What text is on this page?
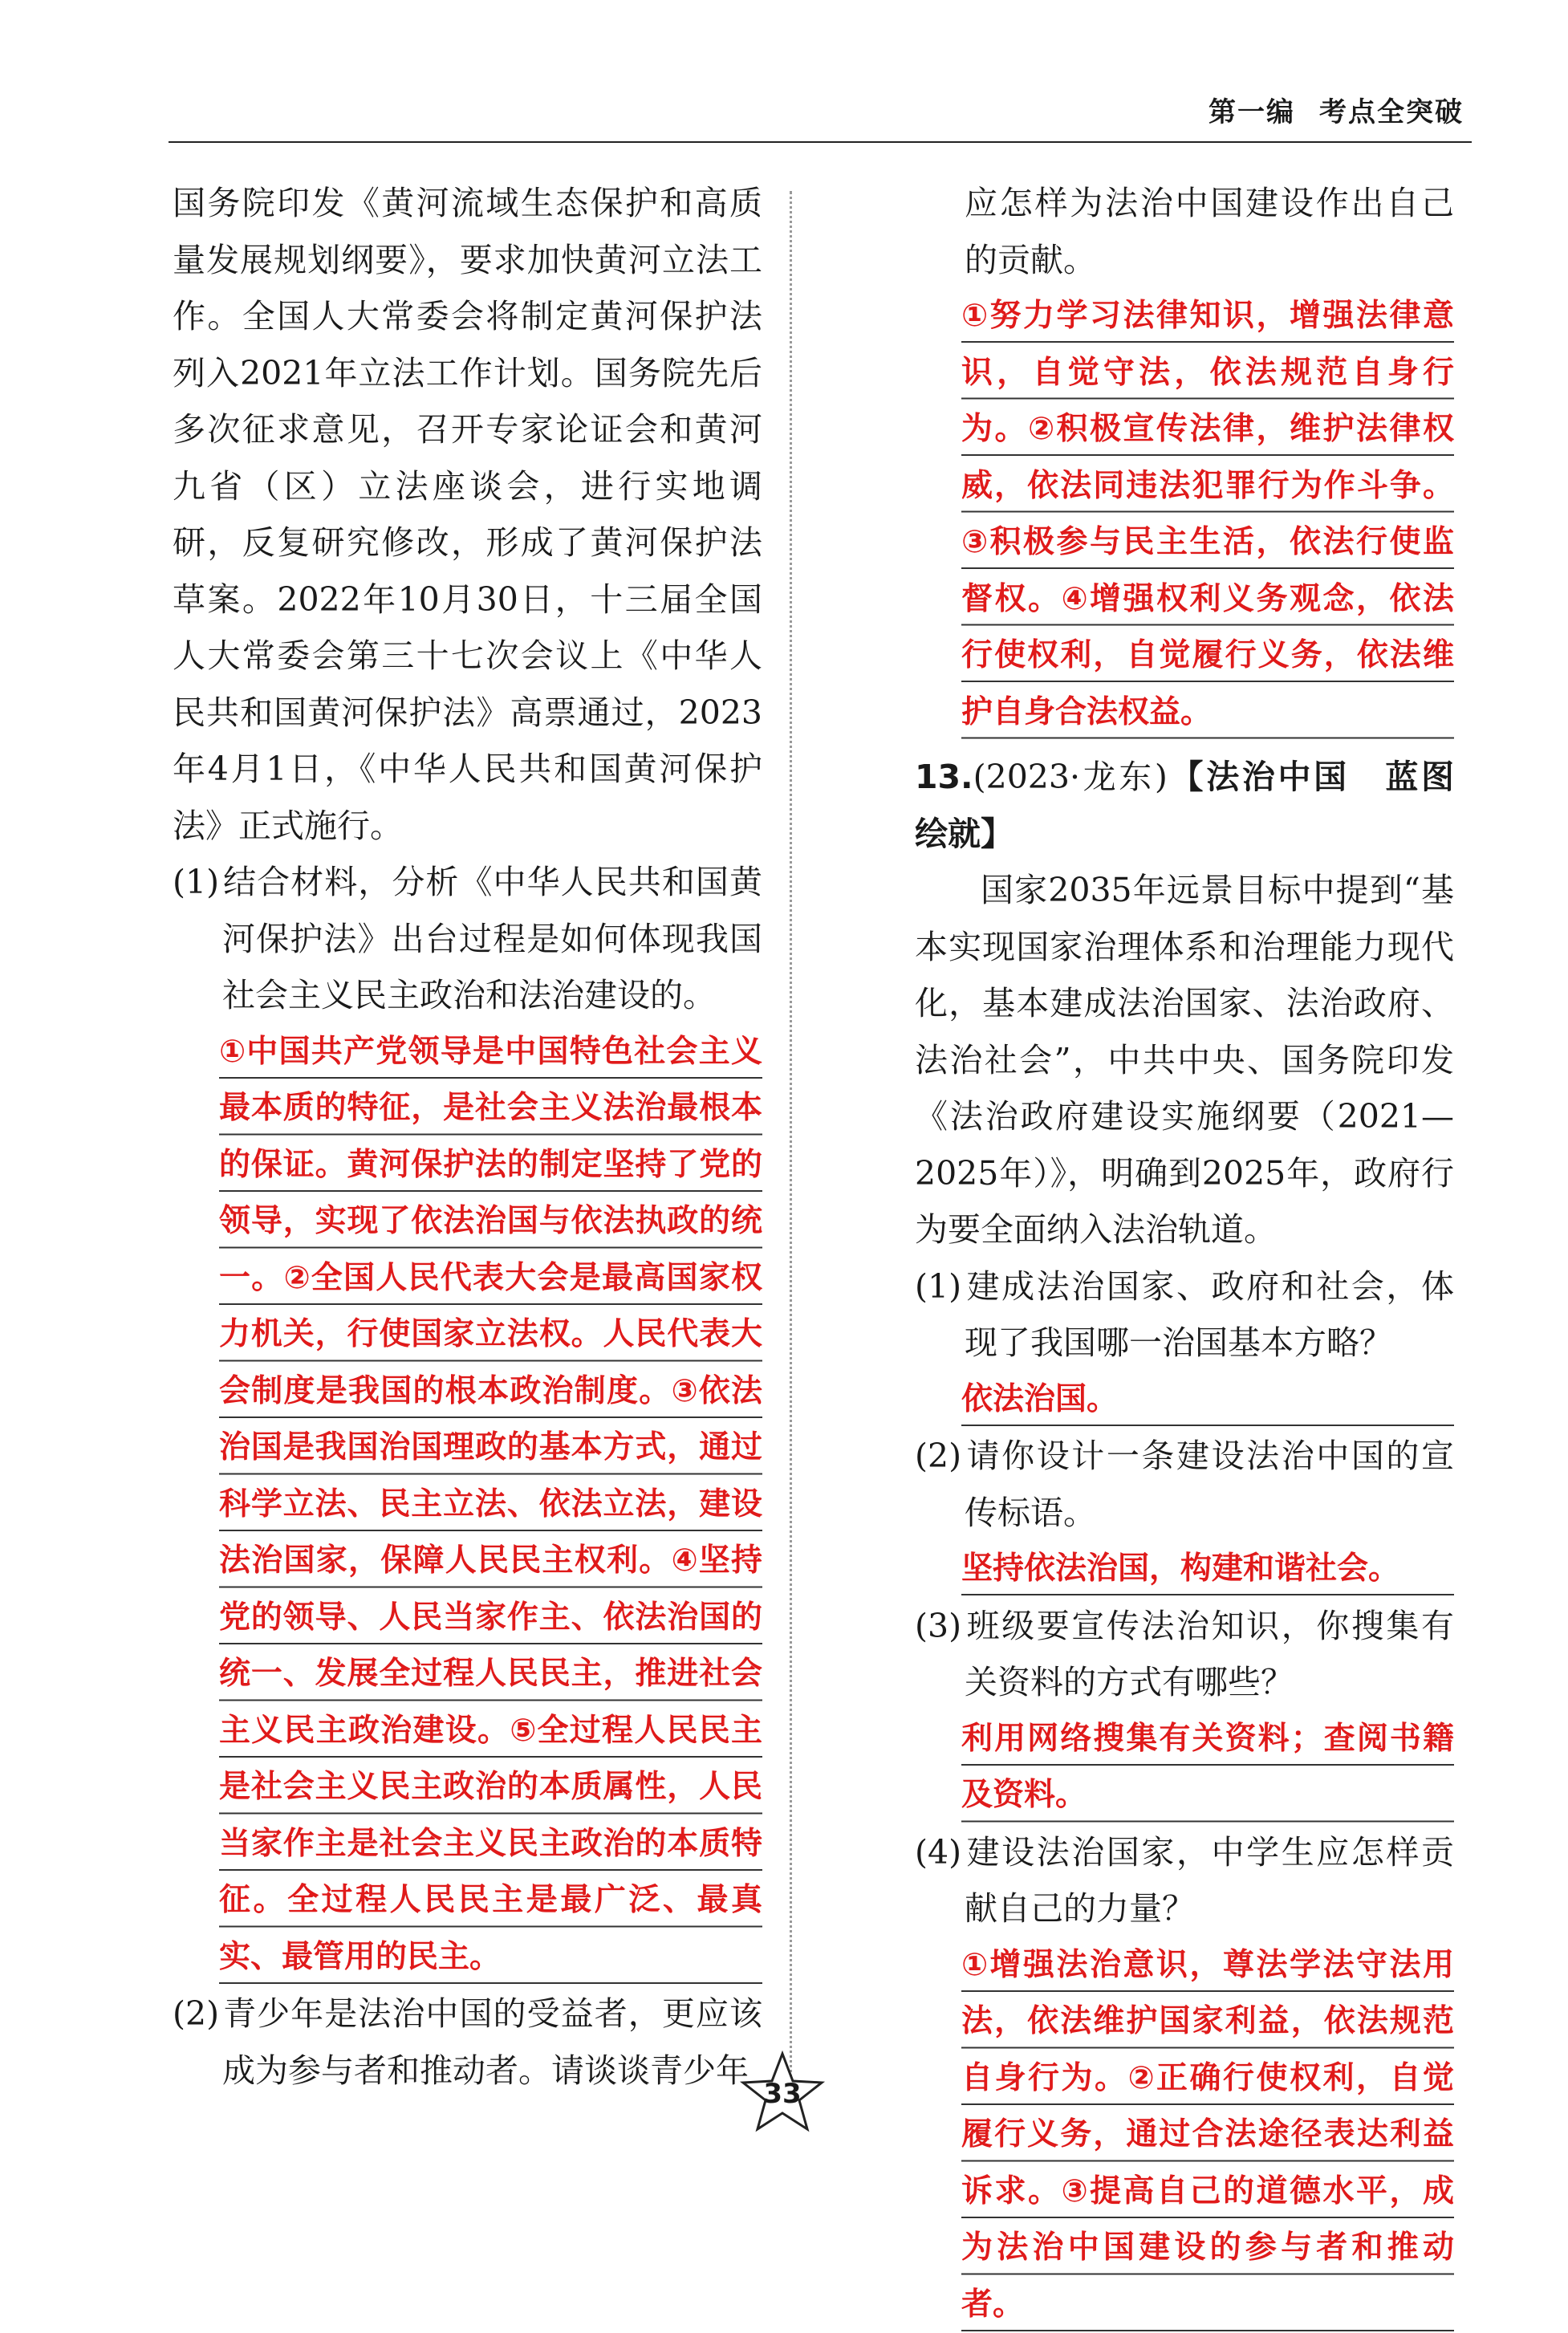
第一编 考点全突破

国务院印发《黄河流域生态保护和高质量发展规划纲要》，要求加快黄河立法工作。全国人大常委会将制定黄河保护法列入2021年立法工作计划。国务院先后多次征求意见，召开专家论证会和黄河九省（区）立法座谈会，进行实地调研，反复研究修改，形成了黄河保护法草案。2022年10月30日，十三届全国人大常委会第三十七次会议上《中华人民共和国黄河保护法》高票通过，2023年4月1日，《中华人民共和国黄河保护法》正式施行。

(1)结合材料，分析《中华人民共和国黄河保护法》出台过程是如何体现我国社会主义民主政治和法治建设的。

①中国共产党领导是中国特色社会主义最本质的特征，是社会主义法治最根本的保证。黄河保护法的制定坚持了党的领导，实现了依法治国与依法执政的统一。②全国人民代表大会是最高国家权力机关，行使国家立法权。人民代表大会制度是我国的根本政治制度。③依法治国是我国治国理政的基本方式，通过科学立法、民主立法、依法立法，建设法治国家，保障人民民主权利。④坚持党的领导、人民当家作主、依法治国的统一、发展全过程人民民主，推进社会主义民主政治建设。⑤全过程人民民主是社会主义民主政治的本质属性，人民当家作主是社会主义民主政治的本质特征。全过程人民民主是最广泛、最真实、最管用的民主。

(2)青少年是法治中国的受益者，更应该成为参与者和推动者。请谈谈青少年

应怎样为法治中国建设作出自己的贡献。

①努力学习法律知识，增强法律意识，自觉守法，依法规范自身行为。②积极宣传法律，维护法律权威，依法同违法犯罪行为作斗争。③积极参与民主生活，依法行使监督权。④增强权利义务观念，依法行使权利，自觉履行义务，依法维护自身合法权益。

13.(2023·龙东)【法治中国　蓝图绘就】

国家2035年远景目标中提到“基本实现国家治理体系和治理能力现代化，基本建成法治国家、法治政府、法治社会”，中共中央、国务院印发《法治政府建设实施纲要（2021—2025年）》，明确到2025年，政府行为要全面纳入法治轨道。

(1)建成法治国家、政府和社会，体现了我国哪一治国基本方略？

依法治国。

(2)请你设计一条建设法治中国的宣传标语。

坚持依法治国，构建和谐社会。

(3)班级要宣传法治知识，你搜集有关资料的方式有哪些？

利用网络搜集有关资料；查阅书籍及资料。

(4)建设法治国家，中学生应怎样贡献自己的力量？

①增强法治意识，尊法学法守法用法，依法维护国家利益，依法规范自身行为。②正确行使权利，自觉履行义务，通过合法途径表达利益诉求。③提高自己的道德水平，成为法治中国建设的参与者和推动者。

33
